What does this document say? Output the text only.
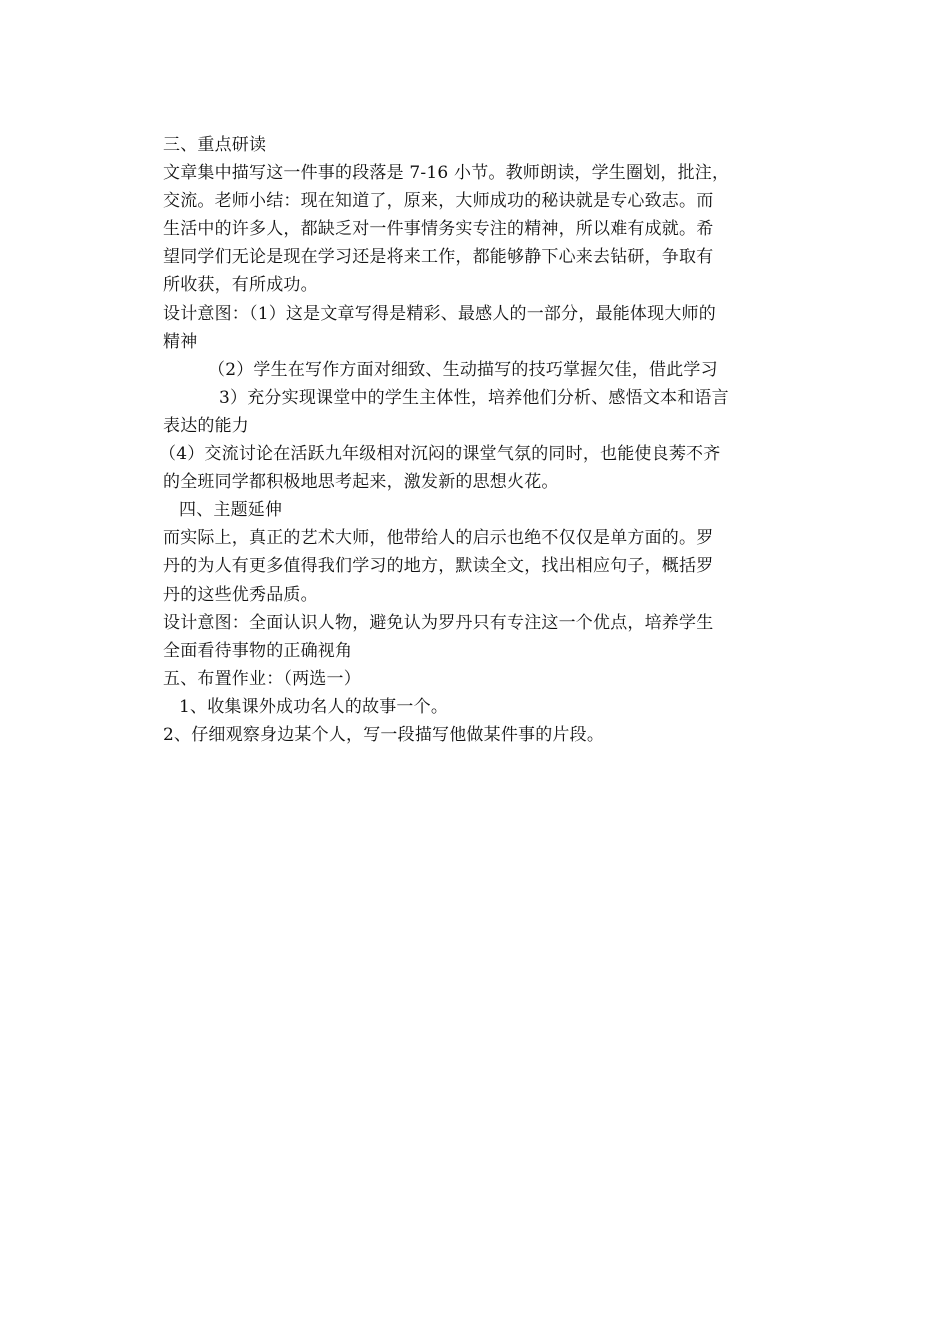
三、重点研读
文章集中描写这一件事的段落是 7-16 小节。教师朗读，学生圈划，批注，
交流。老师小结：现在知道了，原来，大师成功的秘诀就是专心致志。而
生活中的许多人，都缺乏对一件事情务实专注的精神，所以难有成就。希
望同学们无论是现在学习还是将来工作，都能够静下心来去钻研，争取有
所收获，有所成功。
设计意图：（1）这是文章写得是精彩、最感人的一部分，最能体现大师的
精神
（2）学生在写作方面对细致、生动描写的技巧掌握欠佳，借此学习
3）充分实现课堂中的学生主体性，培养他们分析、感悟文本和语言
表达的能力
（4）交流讨论在活跃九年级相对沉闷的课堂气氛的同时，也能使良莠不齐
的全班同学都积极地思考起来，激发新的思想火花。
四、主题延伸
而实际上，真正的艺术大师，他带给人的启示也绝不仅仅是单方面的。罗
丹的为人有更多值得我们学习的地方，默读全文，找出相应句子，概括罗
丹的这些优秀品质。
设计意图：全面认识人物，避免认为罗丹只有专注这一个优点，培养学生
全面看待事物的正确视角
五、布置作业：（两选一）
1、收集课外成功名人的故事一个。
2、仔细观察身边某个人，写一段描写他做某件事的片段。
